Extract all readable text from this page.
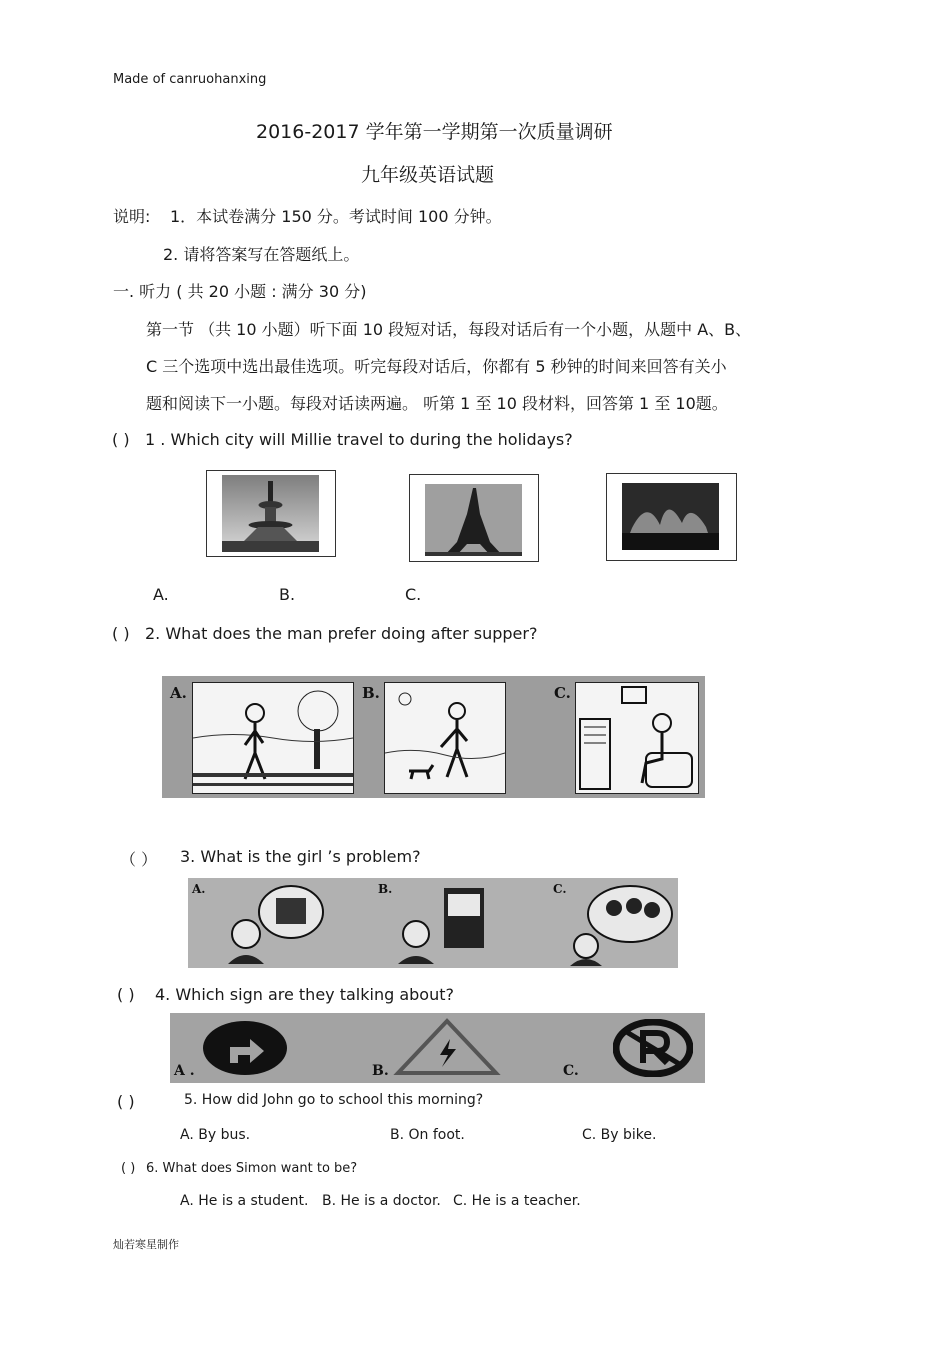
Made of canruohanxing
2016-2017 学年第一学期第一次质量调研
九年级英语试题
说明: 1．本试卷满分 150 分。考试时间 100 分钟。
2. 请将答案写在答题纸上。
一. 听力 ( 共 20 小题 : 满分 30 分)
第一节 （共 10 小题）听下面 10 段短对话，每段对话后有一个小题，从题中 A、B、
C 三个选项中选出最佳选项。听完每段对话后，你都有 5 秒钟的时间来回答有关小
题和阅读下一小题。每段对话读两遍。 听第 1 至 10 段材料，回答第 1 至 10题。
( ) 1 . Which city will Millie travel to during the holidays?
A.	B.	C.
( ) 2. What does the man prefer doing after supper?
A.	B.	C.
（ ） 3. What is the girl ’s problem?
A.	B.	C.
( ) 4. Which sign are they talking about?
A .	B.	C.
( )	5. How did John go to school this morning?
A. By bus.	B. On foot.	C. By bike.
( ) 6. What does Simon want to be?
A. He is a student. B. He is a doctor. C. He is a teacher.
灿若寒星制作
